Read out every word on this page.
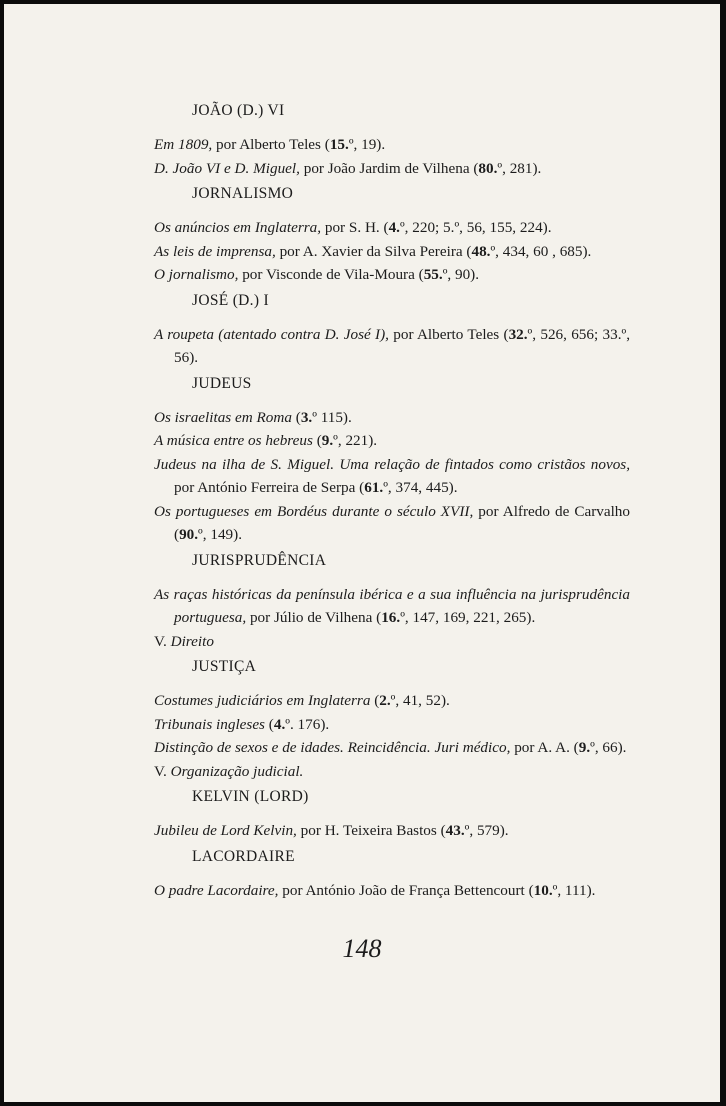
JOÃO (D.) VI
Em 1809, por Alberto Teles (15.º, 19).
D. João VI e D. Miguel, por João Jardim de Vilhena (80.º, 281).
JORNALISMO
Os anúncios em Inglaterra, por S. H. (4.º, 220; 5.º, 56, 155, 224).
As leis de imprensa, por A. Xavier da Silva Pereira (48.º, 434, 60 , 685).
O jornalismo, por Visconde de Vila-Moura (55.º, 90).
JOSÉ (D.) I
A roupeta (atentado contra D. José I), por Alberto Teles (32.º, 526, 656; 33.º, 56).
JUDEUS
Os israelitas em Roma (3.º 115).
A música entre os hebreus (9.º, 221).
Judeus na ilha de S. Miguel. Uma relação de fintados como cristãos novos, por António Ferreira de Serpa (61.º, 374, 445).
Os portugueses em Bordéus durante o século XVII, por Alfredo de Carvalho (90.º, 149).
JURISPRUDÊNCIA
As raças históricas da península ibérica e a sua influência na jurisprudência portuguesa, por Júlio de Vilhena (16.º, 147, 169, 221, 265).
V. Direito
JUSTIÇA
Costumes judiciários em Inglaterra (2.º, 41, 52).
Tribunais ingleses (4.º. 176).
Distinção de sexos e de idades. Reincidência. Juri médico, por A. A. (9.º, 66).
V. Organização judicial.
KELVIN (LORD)
Jubileu de Lord Kelvin, por H. Teixeira Bastos (43.º, 579).
LACORDAIRE
O padre Lacordaire, por António João de França Bettencourt (10.º, 111).
148
